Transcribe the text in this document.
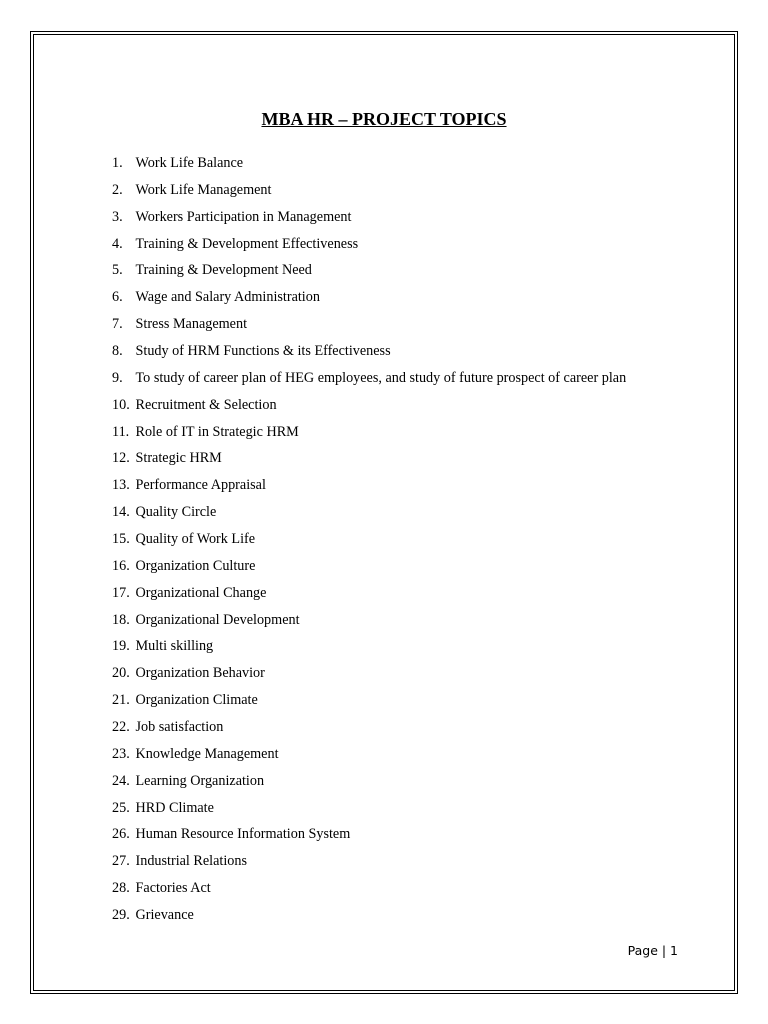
MBA HR – PROJECT TOPICS
1. Work Life Balance
2. Work Life Management
3. Workers Participation in Management
4. Training & Development Effectiveness
5. Training & Development Need
6. Wage and Salary Administration
7. Stress Management
8. Study of HRM Functions & its Effectiveness
9. To study of career plan of HEG employees, and study of future prospect of career plan
10. Recruitment & Selection
11. Role of IT in Strategic HRM
12. Strategic HRM
13. Performance Appraisal
14. Quality Circle
15. Quality of Work Life
16. Organization Culture
17. Organizational Change
18. Organizational Development
19. Multi skilling
20. Organization Behavior
21. Organization Climate
22. Job satisfaction
23. Knowledge Management
24. Learning Organization
25. HRD Climate
26. Human Resource Information System
27. Industrial Relations
28. Factories Act
29. Grievance
Page | 1
